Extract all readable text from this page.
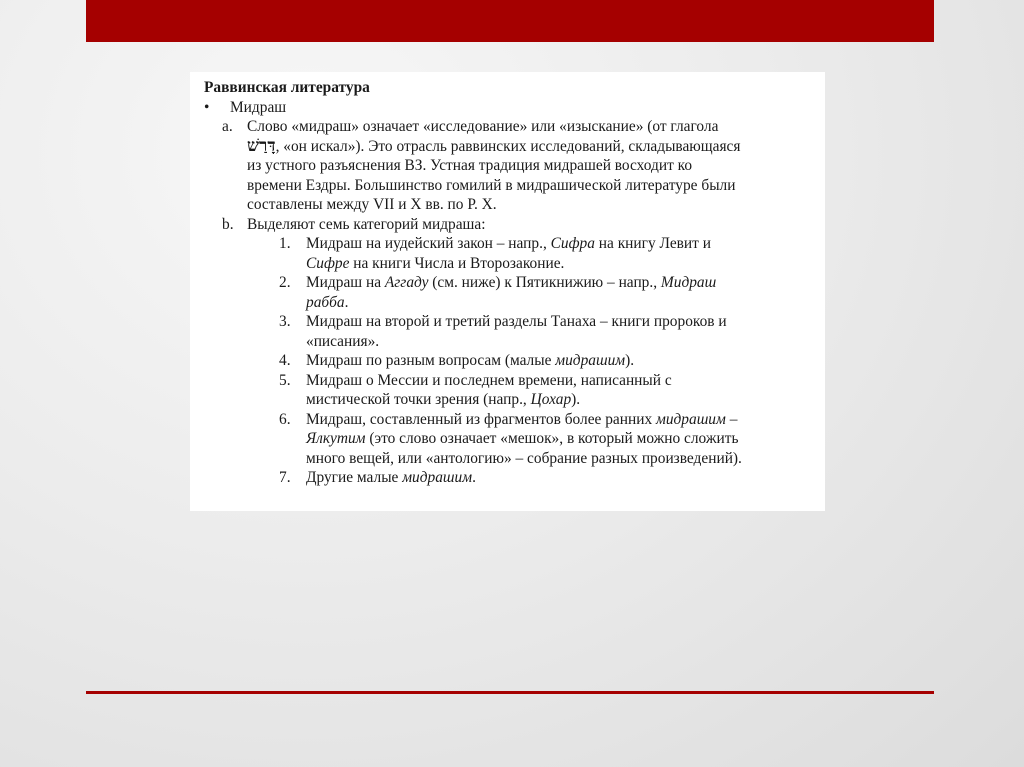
Раввинская литература
•	Мидраш
a. Слово «мидраш» означает «исследование» или «изыскание» (от глагола
דָּרַשׁ, «он искал»). Это отрасль раввинских исследований, складывающаяся
из устного разъяснения ВЗ. Устная традиция мидрашей восходит ко
времени Ездры. Большинство гомилий в мидрашической литературе были
составлены между VII и X вв. по Р. Х.
b. Выделяют семь категорий мидраша:
1.	Мидраш на иудейский закон – напр., Сифра на книгу Левит и
Сифре на книги Числа и Второзаконие.
2.	Мидраш на Аггаду (см. ниже) к Пятикнижию – напр., Мидраш
рабба.
3.	Мидраш на второй и третий разделы Танаха – книги пророков и
«писания».
4.	Мидраш по разным вопросам (малые мидрашим).
5.	Мидраш о Мессии и последнем времени, написанный с
мистической точки зрения (напр., Цохар).
6.	Мидраш, составленный из фрагментов более ранних мидрашим –
Ялкутим (это слово означает «мешок», в который можно сложить
много вещей, или «антологию» – собрание разных произведений).
7.	Другие малые мидрашим.
